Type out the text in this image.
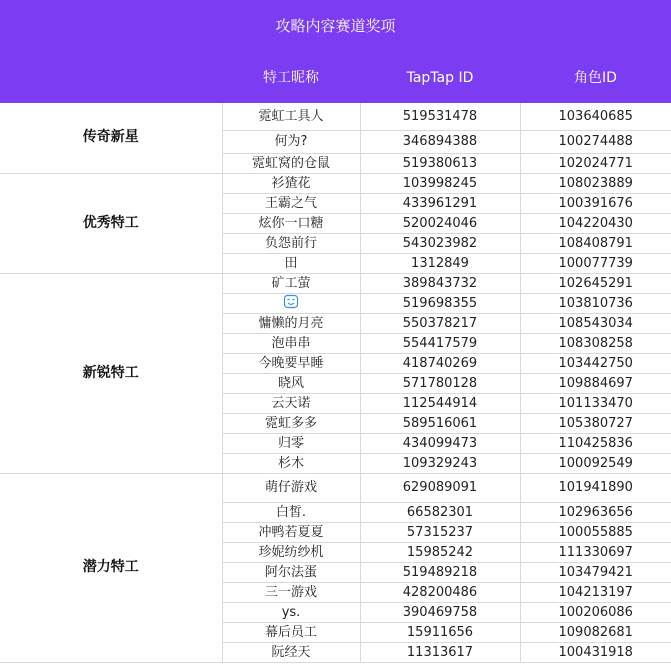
攻略内容赛道奖项
特工昵称	TapTap ID	角色ID
传奇新星	霓虹工具人	519531478	103640685
	何为?	346894388	100274488
	霓虹窝的仓鼠	519380613	102024771
优秀特工	衫猹花	103998245	108023889
	王霸之气	433961291	100391676
	炫你一口糖	520024046	104220430
	负怨前行	543023982	108408791
	田	1312849	100077739
新锐特工	矿工萤	389843732	102645291
	519698355	103810736
	慵懒的月亮	550378217	108543034
	泡串串	554417579	108308258
	今晚要早睡	418740269	103442750
	晓风	571780128	109884697
	云天诺	112544914	101133470
	霓虹多多	589516061	105380727
	归零	434099473	110425836
	杉木	109329243	100092549
潜力特工	萌仔游戏	629089091	101941890
	白皙.	66582301	102963656
	冲鸭若夏夏	57315237	100055885
	珍妮纺纱机	15985242	111330697
	阿尔法蛋	519489218	103479421
	三一游戏	428200486	104213197
	ys.	390469758	100206086
	幕后员工	15911656	109082681
	阮经天	11313617	100431918
